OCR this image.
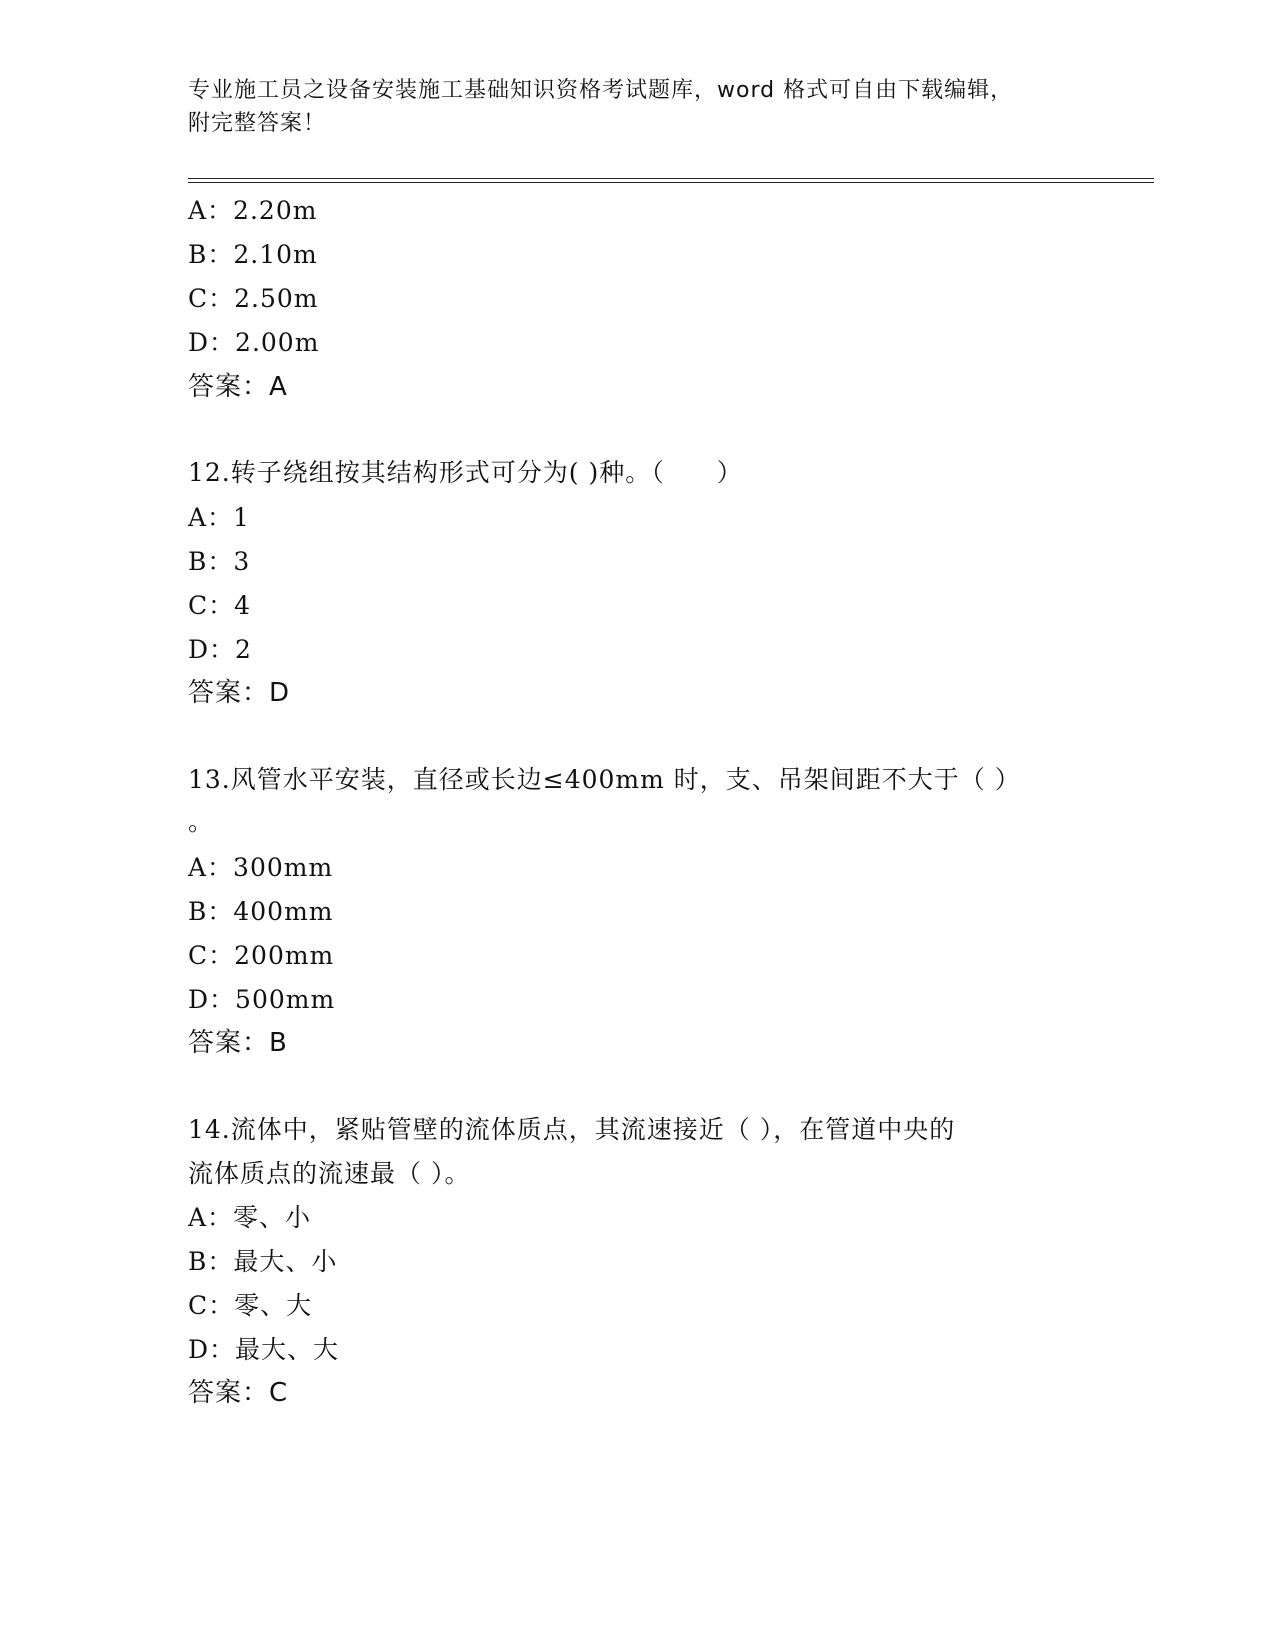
专业施工员之设备安装施工基础知识资格考试题库，word 格式可自由下载编辑，
附完整答案！
A：2.20m
B：2.10m
C：2.50m
D：2.00m
答案：A
12.转子绕组按其结构形式可分为( )种。（　　）
A：1
B：3
C：4
D：2
答案：D
13.风管水平安装，直径或长边≤400mm 时，支、吊架间距不大于（ ）
。
A：300mm
B：400mm
C：200mm
D：500mm
答案：B
14.流体中，紧贴管壁的流体质点，其流速接近（ ），在管道中央的
流体质点的流速最（ ）。
A：零、小
B：最大、小
C：零、大
D：最大、大
答案：C
